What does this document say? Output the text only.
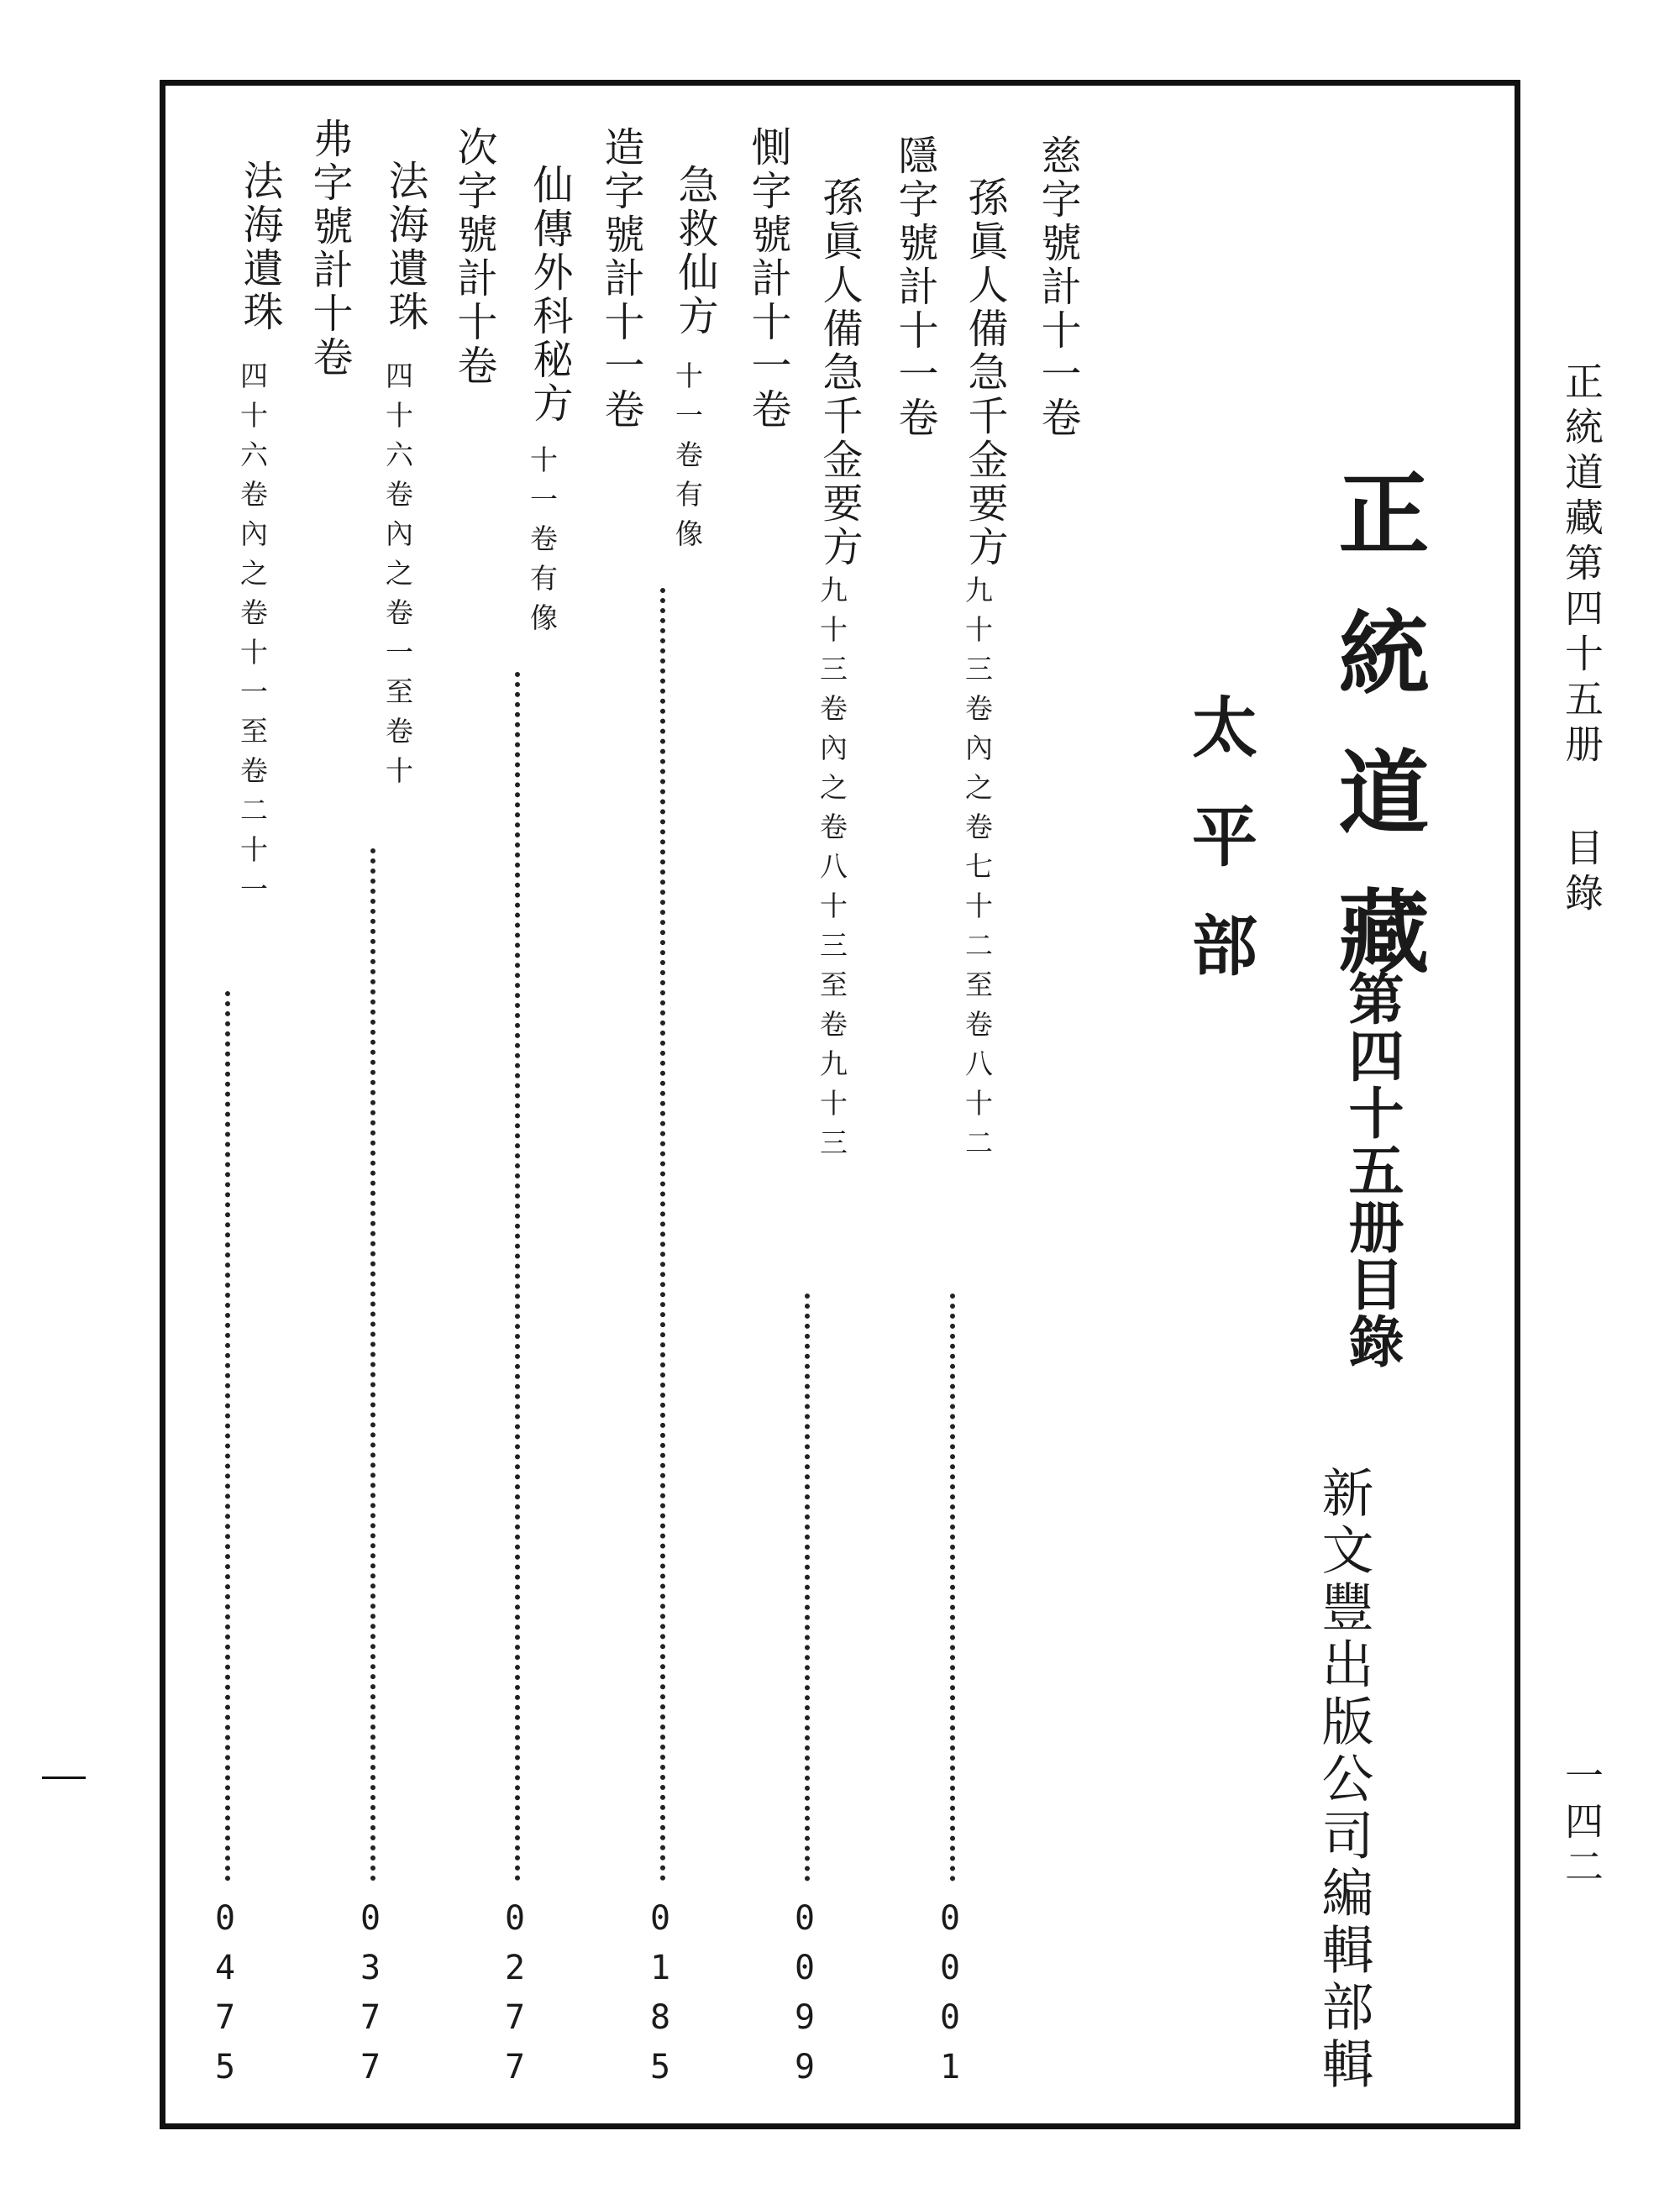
正統道藏第四十五册
目錄
一四二
正統道藏
第四十五册目錄
新文豐出版公司編輯部輯
太平部
慈字號計十一卷
孫眞人備急千金要方
九十三卷內之卷七十二至卷八十二
0001
隱字號計十一卷
孫眞人備急千金要方
九十三卷內之卷八十三至卷九十三
0099
惻字號計十一卷
急救仙方
十一卷有像
0185
造字號計十一卷
仙傳外科秘方
十一卷有像
0277
次字號計十卷
法海遺珠
四十六卷內之卷一至卷十
0377
弗字號計十卷
法海遺珠
四十六卷內之卷十一至卷二十一
0475
